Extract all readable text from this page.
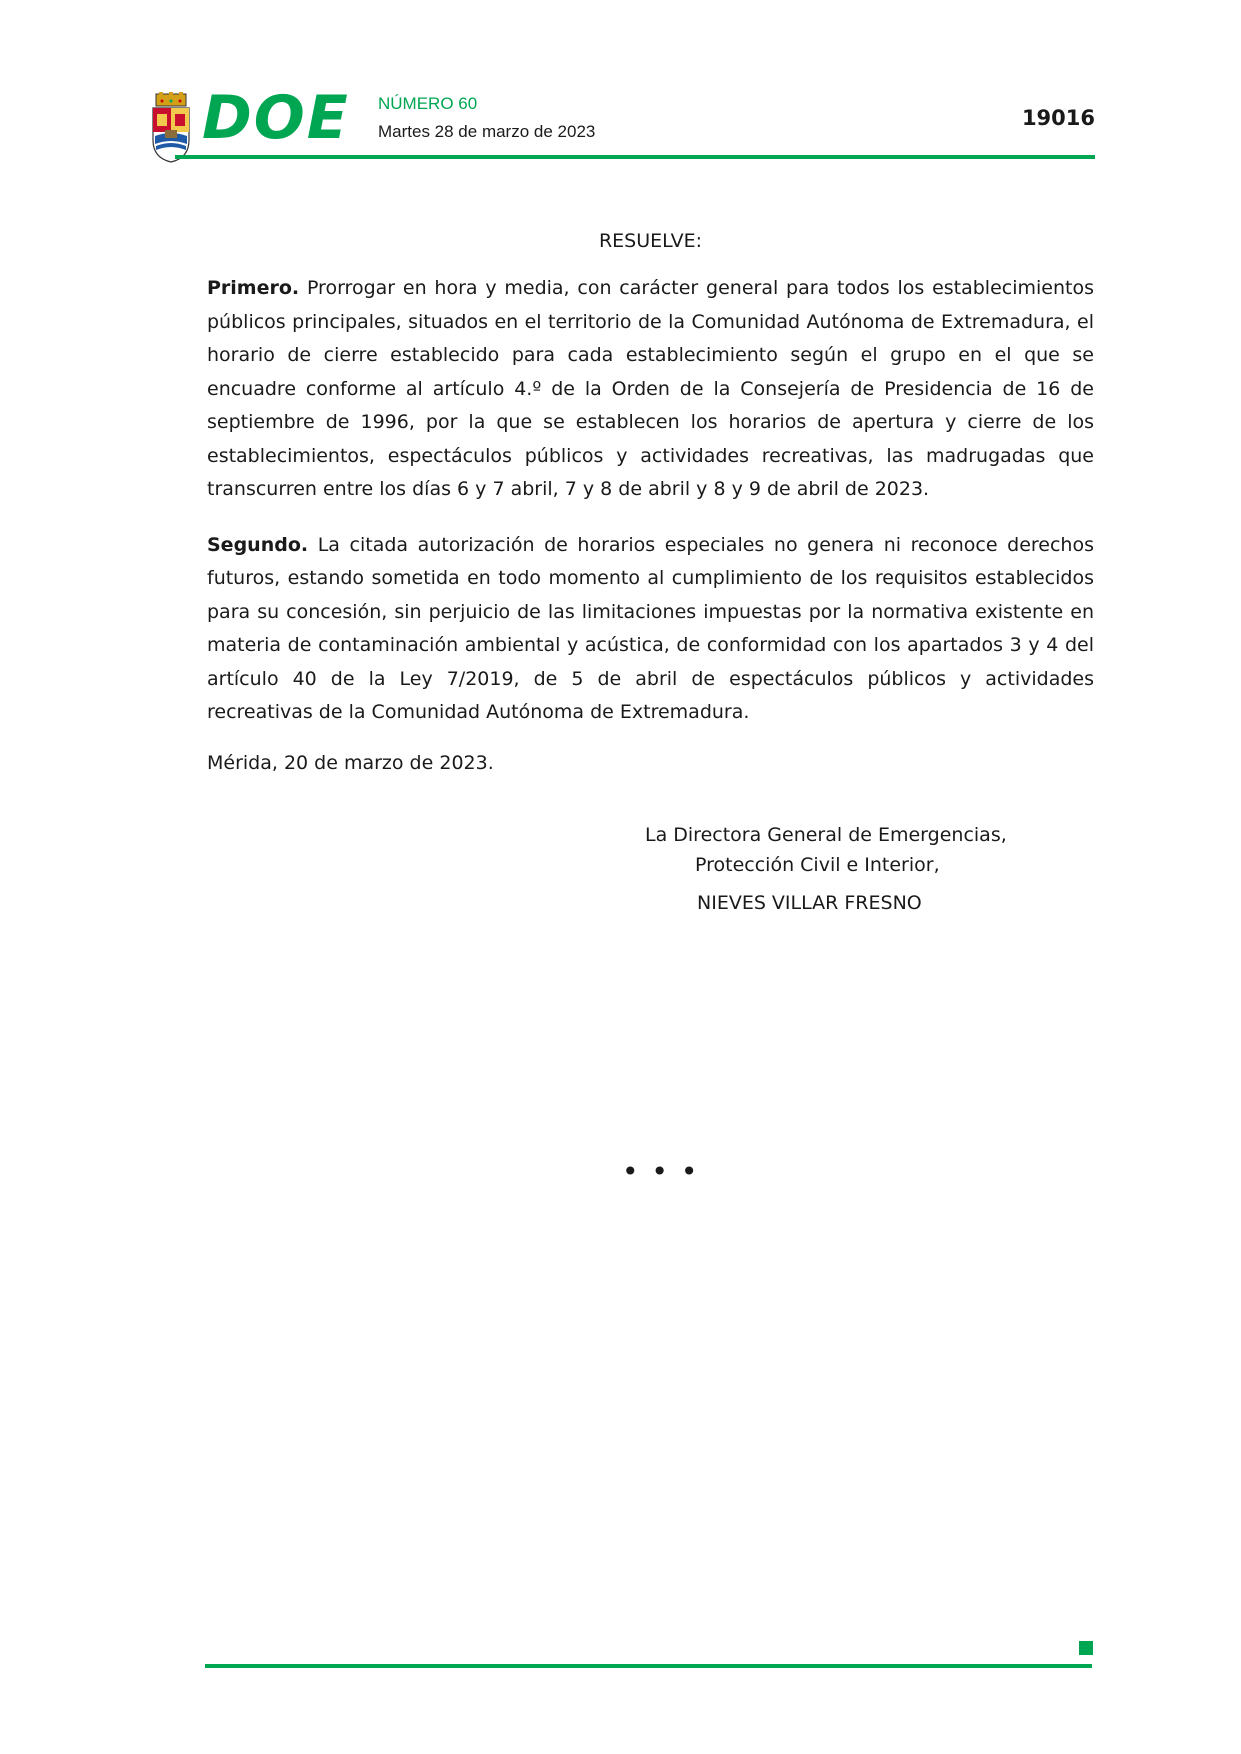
DOE NÚMERO 60
Martes 28 de marzo de 2023
19016

RESUELVE:

Primero. Prorrogar en hora y media, con carácter general para todos los establecimientos públicos principales, situados en el territorio de la Comunidad Autónoma de Extremadura, el horario de cierre establecido para cada establecimiento según el grupo en el que se encuadre conforme al artículo 4.º de la Orden de la Consejería de Presidencia de 16 de septiembre de 1996, por la que se establecen los horarios de apertura y cierre de los establecimientos, espectáculos públicos y actividades recreativas, las madrugadas que transcurren entre los días 6 y 7 abril, 7 y 8 de abril y 8 y 9 de abril de 2023.

Segundo. La citada autorización de horarios especiales no genera ni reconoce derechos futuros, estando sometida en todo momento al cumplimiento de los requisitos establecidos para su concesión, sin perjuicio de las limitaciones impuestas por la normativa existente en materia de contaminación ambiental y acústica, de conformidad con los apartados 3 y 4 del artículo 40 de la Ley 7/2019, de 5 de abril de espectáculos públicos y actividades recreativas de la Comunidad Autónoma de Extremadura.

Mérida, 20 de marzo de 2023.

La Directora General de Emergencias,
Protección Civil e Interior,
NIEVES VILLAR FRESNO
• • •
